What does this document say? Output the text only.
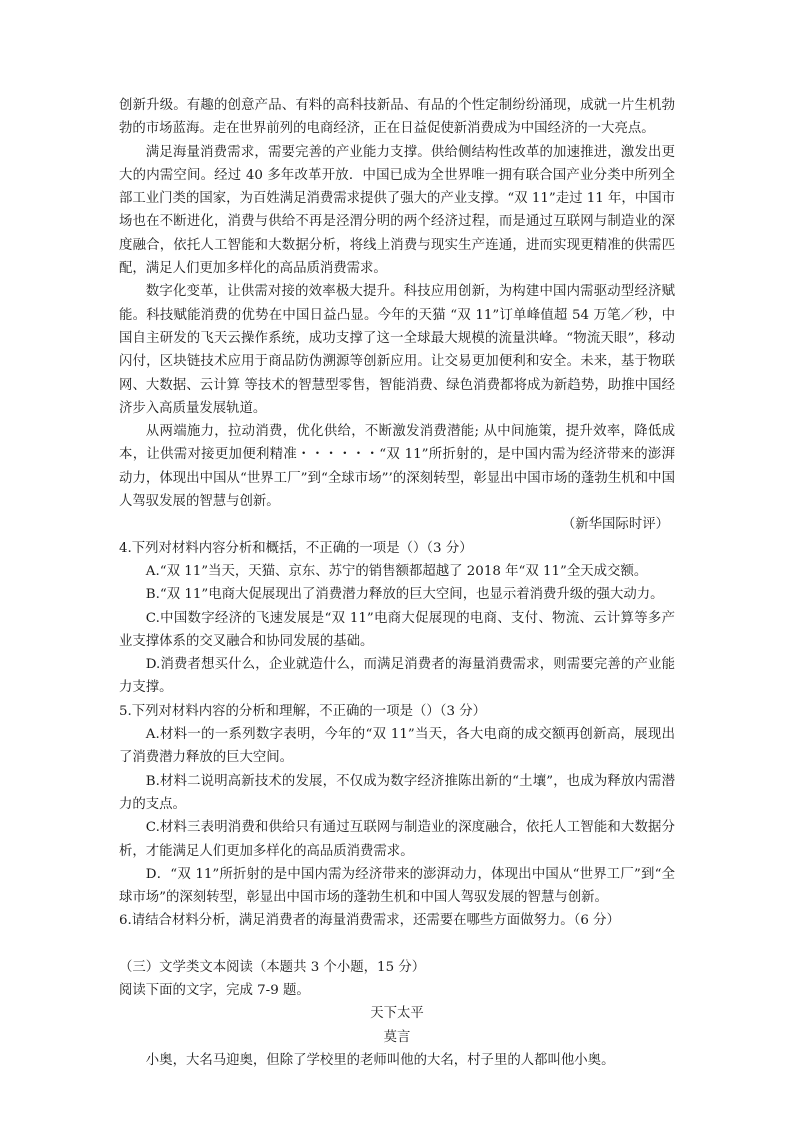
创新升级。有趣的创意产品、有料的高科技新品、有品的个性定制纷纷涌现，成就一片生机勃勃的市场蓝海。走在世界前列的电商经济，正在日益促使新消费成为中国经济的一大亮点。

满足海量消费需求，需要完善的产业能力支撑。供给侧结构性改革的加速推进，激发出更大的内需空间。经过 40 多年改革开放．中国已成为全世界唯一拥有联合国产业分类中所列全部工业门类的国家，为百姓满足消费需求提供了强大的产业支撑。“双 11”走过 11 年，中国市场也在不断进化，消费与供给不再是泾渭分明的两个经济过程，而是通过互联网与制造业的深度融合，依托人工智能和大数据分析，将线上消费与现实生产连通，进而实现更精准的供需匹配，满足人们更加多样化的高品质消费需求。

数字化变革，让供需对接的效率极大提升。科技应用创新，为构建中国内需驱动型经济赋能。科技赋能消费的优势在中国日益凸显。今年的天猫 “双 11”订单峰值超 54 万笔／秒，中国自主研发的飞天云操作系统，成功支撑了这一全球最大规模的流量洪峰。“物流天眼”，移动闪付，区块链技术应用于商品防伪溯源等创新应用。让交易更加便利和安全。未来，基于物联网、大数据、云计算 等技术的智慧型零售，智能消费、绿色消费都将成为新趋势，助推中国经济步入高质量发展轨道。

从两端施力，拉动消费，优化供给，不断激发消费潜能; 从中间施策，提升效率，降低成本，让供需对接更加便利精准・・・・・・“双 11”所折射的，是中国内需为经济带来的澎湃动力，体现出中国从“世界工厂”到“全球市场”’的深刻转型，彰显出中国市场的蓬勃生机和中国人驾驭发展的智慧与创新。

（新华国际时评）

4.下列对材料内容分析和概括，不正确的一项是（）（3 分）

A.“双 11”当天，天猫、京东、苏宁的销售额都超越了 2018 年“双 11”全天成交额。

B.“双 11”电商大促展现出了消费潜力释放的巨大空间，也显示着消费升级的强大动力。

C.中国数字经济的飞速发展是“双 11”电商大促展现的电商、支付、物流、云计算等多产业支撑体系的交叉融合和协同发展的基础。

D.消费者想买什么，企业就造什么，而满足消费者的海量消费需求，则需要完善的产业能力支撑。

5.下列对材料内容的分析和理解，不正确的一项是（）（3 分）

A.材料一的一系列数字表明，今年的“双 11”当天，各大电商的成交额再创新高，展现出了消费潜力释放的巨大空间。

B.材料二说明高新技术的发展，不仅成为数字经济推陈出新的“土壤”，也成为释放内需潜力的支点。

C.材料三表明消费和供给只有通过互联网与制造业的深度融合，依托人工智能和大数据分析，才能满足人们更加多样化的高品质消费需求。

D．“双 11”所折射的是中国内需为经济带来的澎湃动力，体现出中国从“世界工厂”到“全球市场”的深刻转型，彰显出中国市场的蓬勃生机和中国人驾驭发展的智慧与创新。

6.请结合材料分析，满足消费者的海量消费需求，还需要在哪些方面做努力。（6 分）

（三）文学类文本阅读（本题共 3 个小题，15 分）

阅读下面的文字，完成 7-9 题。

天下太平

莫言

小奥，大名马迎奥，但除了学校里的老师叫他的大名，村子里的人都叫他小奥。
